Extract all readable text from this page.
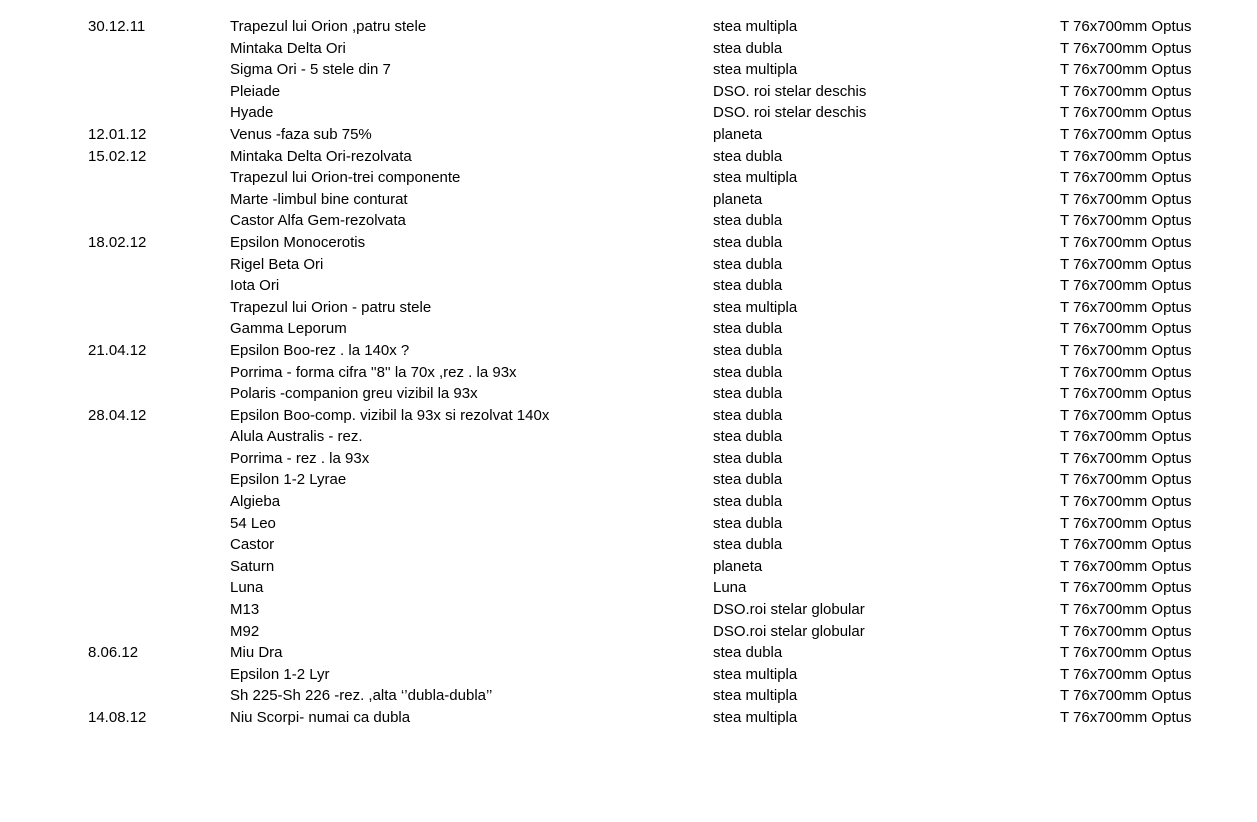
30.12.11	Trapezul lui Orion ,patru stele	stea multipla	T 76x700mm Optus
Mintaka Delta Ori	stea dubla	T 76x700mm Optus
Sigma Ori - 5 stele din 7	stea multipla	T 76x700mm Optus
Pleiade	DSO. roi stelar deschis	T 76x700mm Optus
Hyade	DSO. roi stelar deschis	T 76x700mm Optus
12.01.12	Venus -faza sub 75%	planeta	T 76x700mm Optus
15.02.12	Mintaka Delta Ori-rezolvata	stea dubla	T 76x700mm Optus
Trapezul lui Orion-trei componente	stea multipla	T 76x700mm Optus
Marte -limbul bine conturat	planeta	T 76x700mm Optus
Castor Alfa Gem-rezolvata	stea dubla	T 76x700mm Optus
18.02.12	Epsilon Monocerotis	stea dubla	T 76x700mm Optus
Rigel Beta Ori	stea dubla	T 76x700mm Optus
Iota Ori	stea dubla	T 76x700mm Optus
Trapezul lui Orion - patru stele	stea multipla	T 76x700mm Optus
Gamma Leporum	stea dubla	T 76x700mm Optus
21.04.12	Epsilon Boo-rez . la 140x ?	stea dubla	T 76x700mm Optus
Porrima - forma cifra ''8'' la 70x ,rez . la 93x	stea dubla	T 76x700mm Optus
Polaris -companion greu vizibil la 93x	stea dubla	T 76x700mm Optus
28.04.12	Epsilon Boo-comp. vizibil la 93x si rezolvat 140x	stea dubla	T 76x700mm Optus
Alula Australis - rez.	stea dubla	T 76x700mm Optus
Porrima - rez . la 93x	stea dubla	T 76x700mm Optus
Epsilon 1-2 Lyrae	stea dubla	T 76x700mm Optus
Algieba	stea dubla	T 76x700mm Optus
54 Leo	stea dubla	T 76x700mm Optus
Castor	stea dubla	T 76x700mm Optus
Saturn	planeta	T 76x700mm Optus
Luna	Luna	T 76x700mm Optus
M13	DSO.roi stelar globular	T 76x700mm Optus
M92	DSO.roi stelar globular	T 76x700mm Optus
8.06.12	Miu Dra	stea dubla	T 76x700mm Optus
Epsilon 1-2 Lyr	stea multipla	T 76x700mm Optus
Sh 225-Sh 226 -rez. ,alta ‘’dubla-dubla’’	stea multipla	T 76x700mm Optus
14.08.12	Niu Scorpi- numai ca dubla	stea multipla	T 76x700mm Optus
